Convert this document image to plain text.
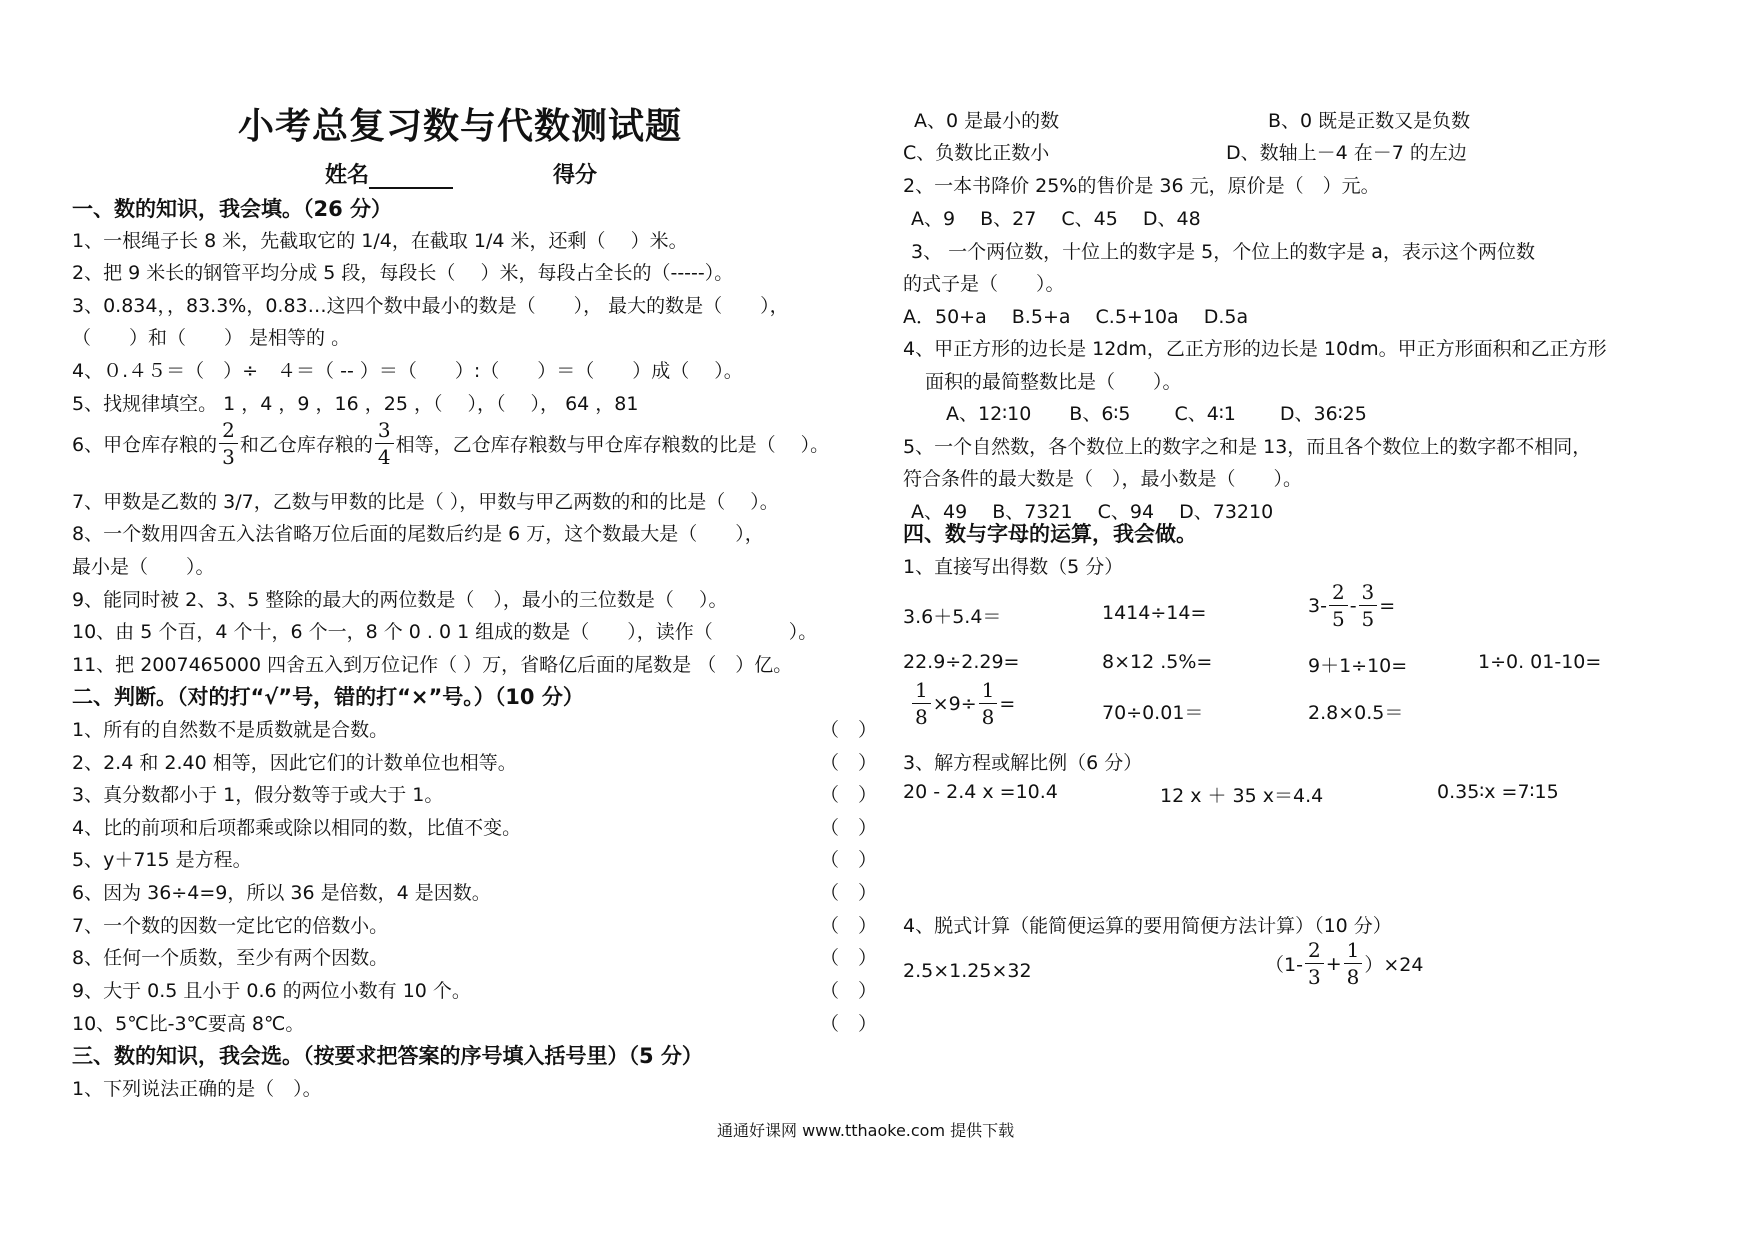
小考总复习数与代数测试题
姓名	得分
一、数的知识，我会填。（26 分）
1、一根绳子长 8 米，先截取它的 1/4，在截取 1/4 米，还剩（　 ）米。
2、把 9 米长的钢管平均分成 5 段，每段长（　 ）米，每段占全长的（-----）。
3、0.834，，83.3%，0.83…这四个数中最小的数是（　　）， 最大的数是（　　），
（　　）和（　　） 是相等的 。
4、０.４５＝（　）÷　４＝（ -- ）＝（　　）:（　　）＝（　　）成（　 ）。
5、找规律填空。 1 ，4 ，9 ，16 ，25 ，（　 ），（　 ）， 64 ，81
6、甲仓库存粮的 $\frac{2}{3}$ 和乙仓库存粮的 $\frac{3}{4}$ 相等，乙仓库存粮数与甲仓库存粮数的比是（　 ）。
7、甲数是乙数的 3/7，乙数与甲数的比是（ ），甲数与甲乙两数的和的比是（　 ）。
8、一个数用四舍五入法省略万位后面的尾数后约是 6 万，这个数最大是（　　），
最小是（　　）。
9、能同时被 2、3、5 整除的最大的两位数是（　），最小的三位数是（　 ）。
10、由 5 个百，4 个十，6 个一，8 个 0 . 0 1 组成的数是（　　），读作（　　　　）。
11、把 2007465000 四舍五入到万位记作（ ）万，省略亿后面的尾数是 （　）亿。
二、判断。（对的打“√”号，错的打“×”号。）（10 分）
1、所有的自然数不是质数就是合数。	（　）
2、2.4 和 2.40 相等，因此它们的计数单位也相等。	（　）
3、真分数都小于 1，假分数等于或大于 1。	（　）
4、比的前项和后项都乘或除以相同的数，比值不变。	（　）
5、y＋715 是方程。	（　）
6、因为 36÷4=9，所以 36 是倍数，4 是因数。	（　）
7、一个数的因数一定比它的倍数小。	（　）
8、任何一个质数，至少有两个因数。	（　）
9、大于 0.5 且小于 0.6 的两位小数有 10 个。	（　）
10、5℃比-3℃要高 8℃。	（　）
三、数的知识，我会选。（按要求把答案的序号填入括号里）（5 分）
1、下列说法正确的是（　）。
A、0 是最小的数	B、0 既是正数又是负数
C、负数比正数小	D、数轴上－4 在－7 的左边
2、一本书降价 25%的售价是 36 元，原价是（　）元。
A、9　 B、27　 C、45　 D、48
3、 一个两位数，十位上的数字是 5，个位上的数字是 a，表示这个两位数
的式子是（　　）。
A．50+a　 B.5+a　 C.5+10a　 D.5a
4、甲正方形的边长是 12dm，乙正方形的边长是 10dm。甲正方形面积和乙正方形
面积的最简整数比是（　　）。
A、12∶10　　B、6∶5　　 C、4∶1　　 D、36∶25
5、一个自然数，各个数位上的数字之和是 13，而且各个数位上的数字都不相同，
符合条件的最大数是（　），最小数是（　　）。
A、49　 B、7321　 C、94　 D、73210
四、数与字母的运算，我会做。
1、直接写出得数（5 分）
3.6＋5.4＝	1414÷14=	$3- \frac{2}{5} - \frac{3}{5}$ =
22.9÷2.29=	8×12 .5%=	9＋1÷10=	1÷0. 01-10=
$\frac{1}{8} \times 9\div \frac{1}{8}$ =	70÷0.01＝	2.8×0.5＝
3、解方程或解比例（6 分）
20 - 2.4 x =10.4	12 x ＋ 35 x＝4.4	0.35∶x =7∶15
4、脱式计算（能简便运算的要用简便方法计算）（10 分）
2.5×1.25×32	$(1- \frac{2}{3} + \frac{1}{8} )\times 24$
通通好课网 www.tthaoke.com 提供下载
